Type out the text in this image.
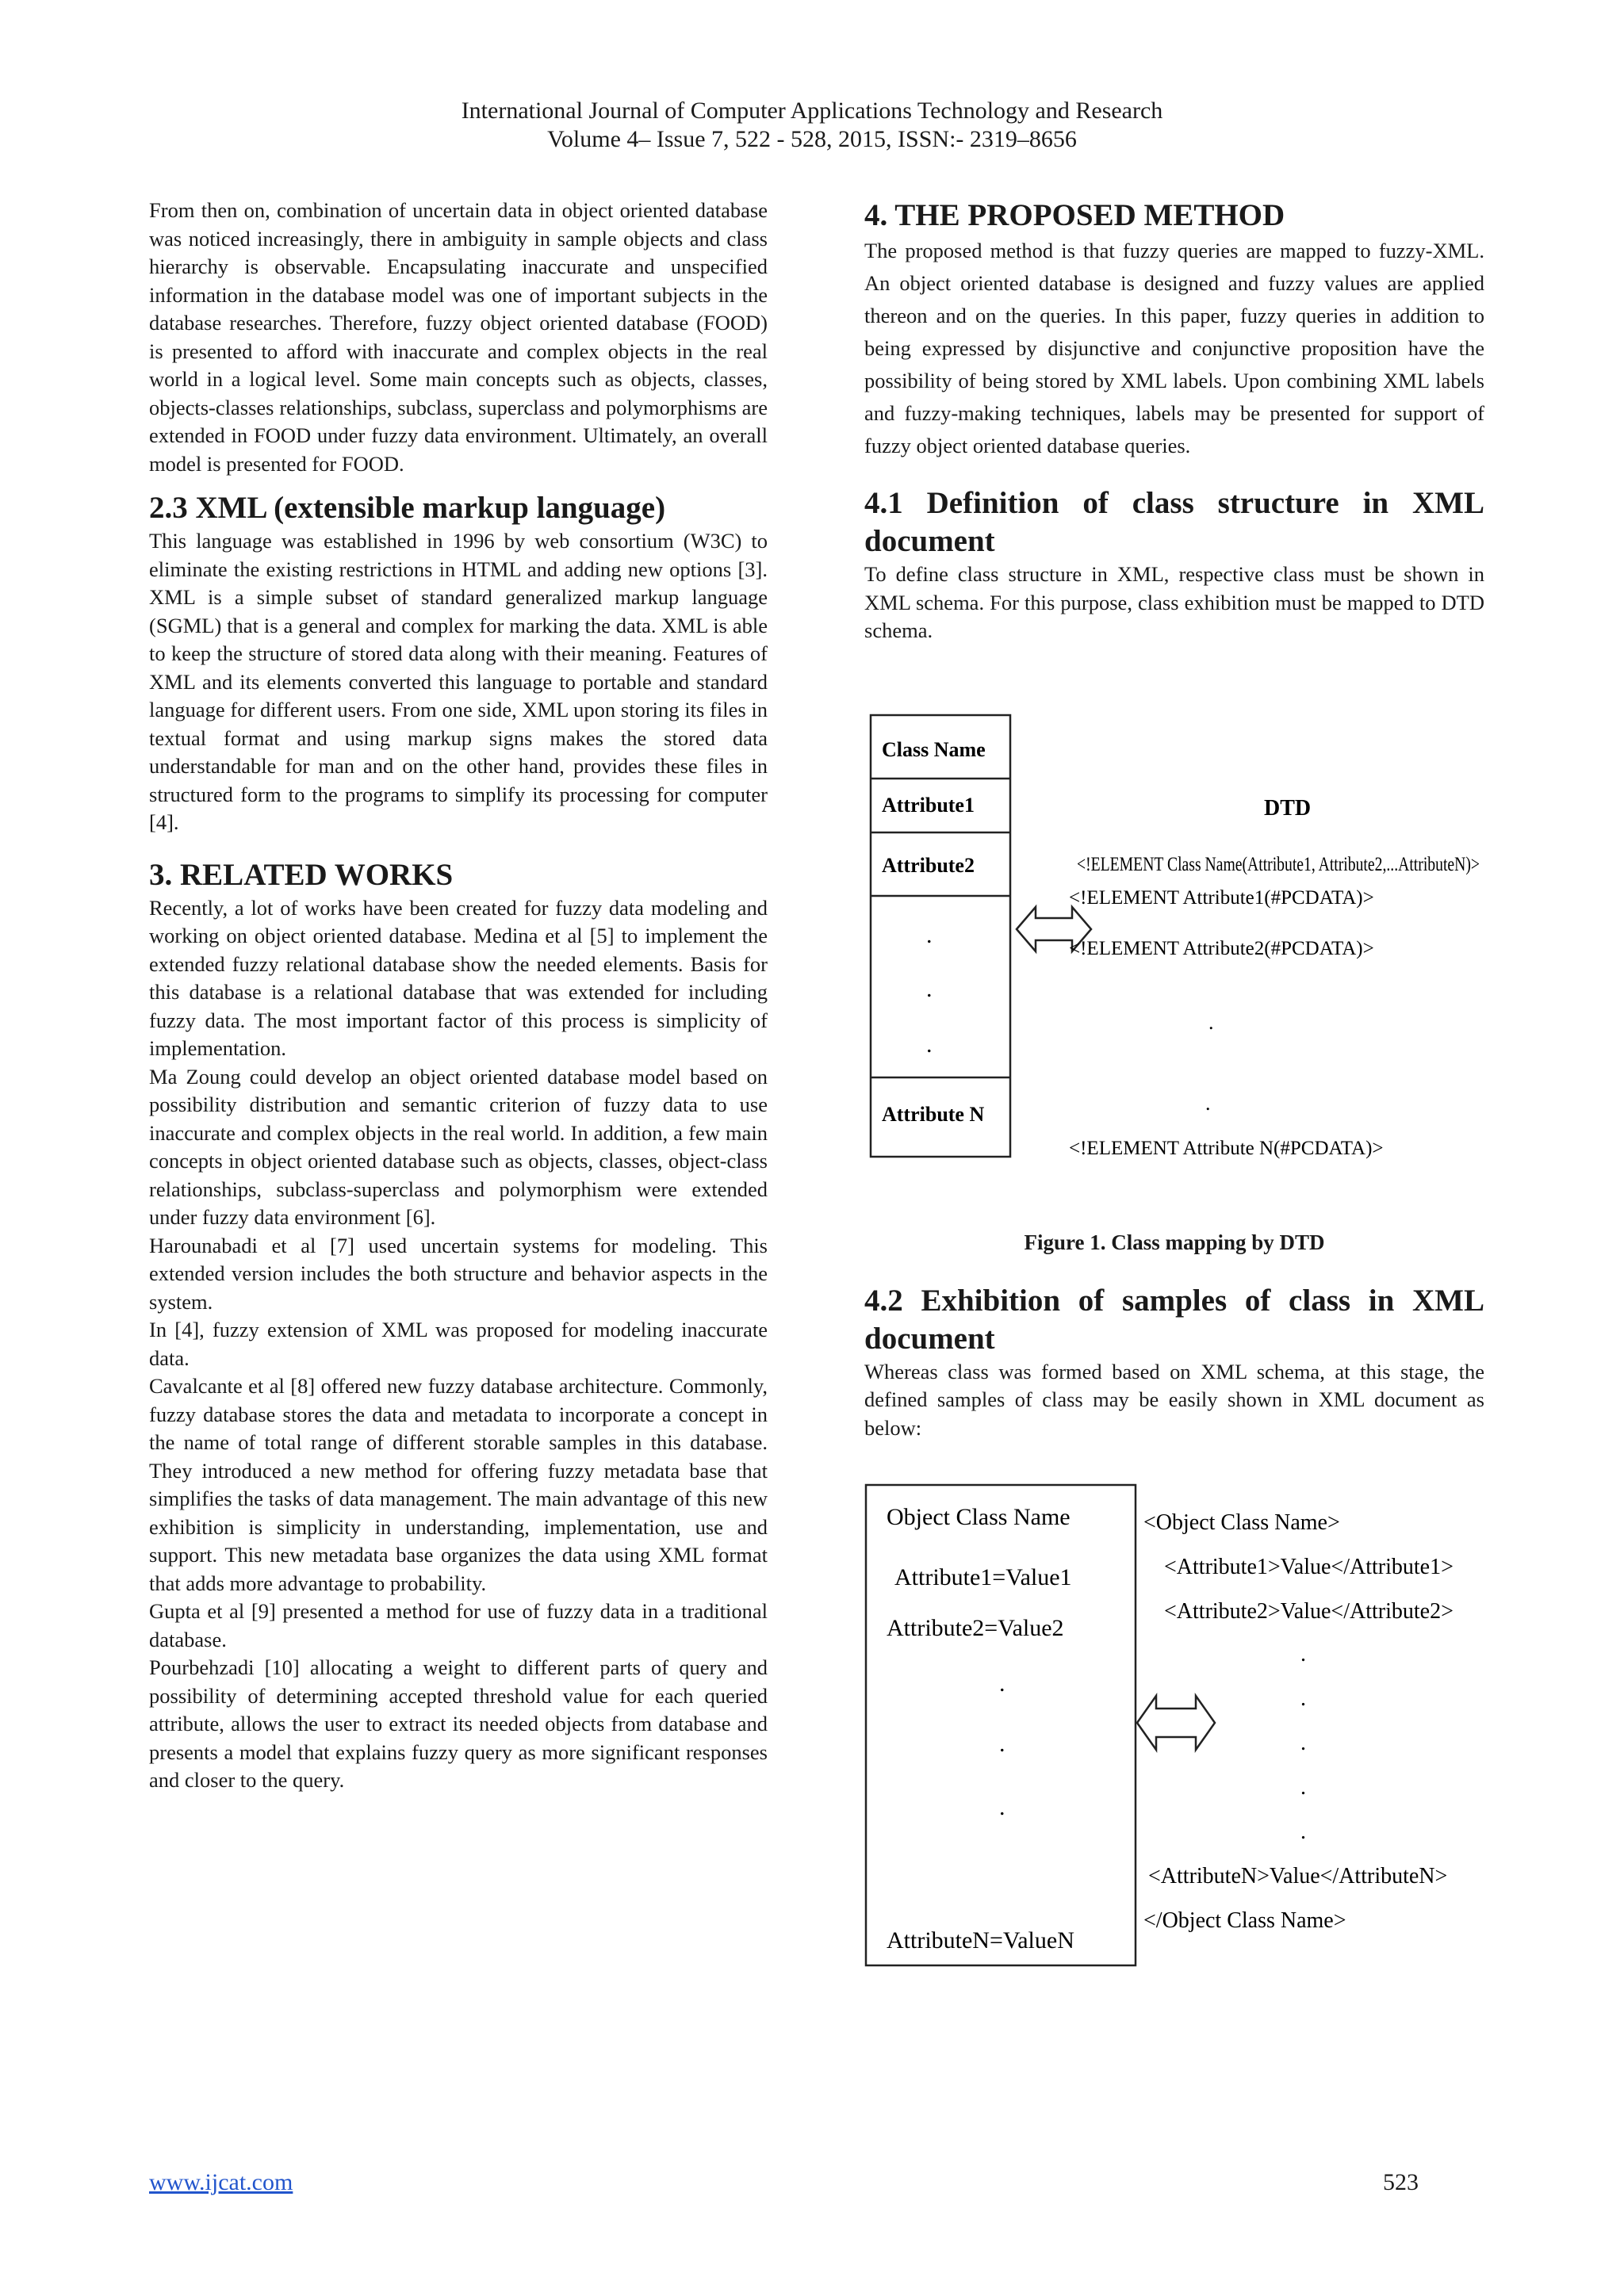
International Journal of Computer Applications Technology and Research
Volume 4– Issue 7, 522 - 528, 2015, ISSN:- 2319–8656

From then on, combination of uncertain data in object oriented database was noticed increasingly, there in ambiguity in sample objects and class hierarchy is observable. Encapsulating inaccurate and unspecified information in the database model was one of important subjects in the database researches. Therefore, fuzzy object oriented database (FOOD) is presented to afford with inaccurate and complex objects in the real world in a logical level. Some main concepts such as objects, classes, objects-classes relationships, subclass, superclass and polymorphisms are extended in FOOD under fuzzy data environment. Ultimately, an overall model is presented for FOOD.

2.3 XML (extensible markup language)

This language was established in 1996 by web consortium (W3C) to eliminate the existing restrictions in HTML and adding new options [3]. XML is a simple subset of standard generalized markup language (SGML) that is a general and complex for marking the data. XML is able to keep the structure of stored data along with their meaning. Features of XML and its elements converted this language to portable and standard language for different users. From one side, XML upon storing its files in textual format and using markup signs makes the stored data understandable for man and on the other hand, provides these files in structured form to the programs to simplify its processing for computer [4].

3. RELATED WORKS

Recently, a lot of works have been created for fuzzy data modeling and working on object oriented database. Medina et al [5] to implement the extended fuzzy relational database show the needed elements. Basis for this database is a relational database that was extended for including fuzzy data. The most important factor of this process is simplicity of implementation.

Ma Zoung could develop an object oriented database model based on possibility distribution and semantic criterion of fuzzy data to use inaccurate and complex objects in the real world. In addition, a few main concepts in object oriented database such as objects, classes, object-class relationships, subclass-superclass and polymorphism were extended under fuzzy data environment [6].

Harounabadi et al [7] used uncertain systems for modeling. This extended version includes the both structure and behavior aspects in the system.

In [4], fuzzy extension of XML was proposed for modeling inaccurate data.

Cavalcante et al [8] offered new fuzzy database architecture. Commonly, fuzzy database stores the data and metadata to incorporate a concept in the name of total range of different storable samples in this database. They introduced a new method for offering fuzzy metadata base that simplifies the tasks of data management. The main advantage of this new exhibition is simplicity in understanding, implementation, use and support. This new metadata base organizes the data using XML format that adds more advantage to probability.

Gupta et al [9] presented a method for use of fuzzy data in a traditional database.

Pourbehzadi [10] allocating a weight to different parts of query and possibility of determining accepted threshold value for each queried attribute, allows the user to extract its needed objects from database and presents a model that explains fuzzy query as more significant responses and closer to the query.

4. THE PROPOSED METHOD

The proposed method is that fuzzy queries are mapped to fuzzy-XML. An object oriented database is designed and fuzzy values are applied thereon and on the queries. In this paper, fuzzy queries in addition to being expressed by disjunctive and conjunctive proposition have the possibility of being stored by XML labels. Upon combining XML labels and fuzzy-making techniques, labels may be presented for support of fuzzy object oriented database queries.

4.1 Definition of class structure in XML document

To define class structure in XML, respective class must be shown in XML schema. For this purpose, class exhibition must be mapped to DTD schema.

Class Name
Attribute1
Attribute2
.
.
.
Attribute N
DTD
<!ELEMENT Class Name(Attribute1, Attribute2,...AttributeN)>
<!ELEMENT Attribute1(#PCDATA)>
<!ELEMENT Attribute2(#PCDATA)>
.
.
<!ELEMENT Attribute N(#PCDATA)>

Figure 1. Class mapping by DTD

4.2 Exhibition of samples of class in XML document

Whereas class was formed based on XML schema, at this stage, the defined samples of class may be easily shown in XML document as below:

Object Class Name
Attribute1=Value1
Attribute2=Value2
.
.
.
AttributeN=ValueN
<Object Class Name>
<Attribute1>Value</Attribute1>
<Attribute2>Value</Attribute2>
.
.
.
.
.
<AttributeN>Value</AttributeN>
</Object Class Name>
www.ijcat.com	523
